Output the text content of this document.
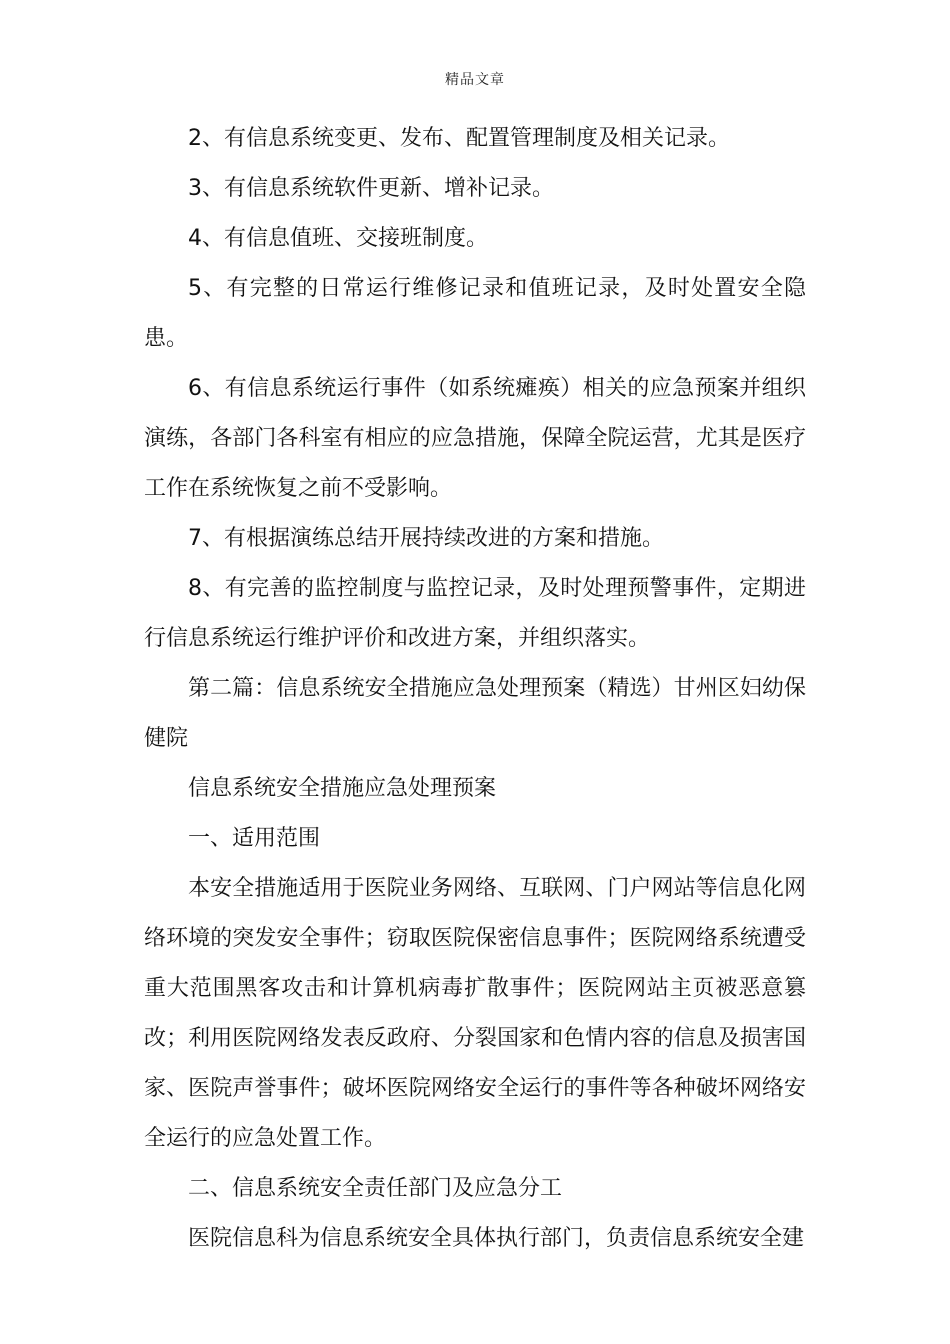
精品文章

2、有信息系统变更、发布、配置管理制度及相关记录。

3、有信息系统软件更新、增补记录。

4、有信息值班、交接班制度。

5、有完整的日常运行维修记录和值班记录，及时处置安全隐患。

6、有信息系统运行事件（如系统瘫痪）相关的应急预案并组织演练，各部门各科室有相应的应急措施，保障全院运营，尤其是医疗工作在系统恢复之前不受影响。

7、有根据演练总结开展持续改进的方案和措施。

8、有完善的监控制度与监控记录，及时处理预警事件，定期进行信息系统运行维护评价和改进方案，并组织落实。

第二篇：信息系统安全措施应急处理预案（精选）甘州区妇幼保健院

信息系统安全措施应急处理预案

一、适用范围

本安全措施适用于医院业务网络、互联网、门户网站等信息化网络环境的突发安全事件；窃取医院保密信息事件；医院网络系统遭受重大范围黑客攻击和计算机病毒扩散事件；医院网站主页被恶意篡改；利用医院网络发表反政府、分裂国家和色情内容的信息及损害国家、医院声誉事件；破坏医院网络安全运行的事件等各种破坏网络安全运行的应急处置工作。

二、信息系统安全责任部门及应急分工

医院信息科为信息系统安全具体执行部门，负责信息系统安全建
